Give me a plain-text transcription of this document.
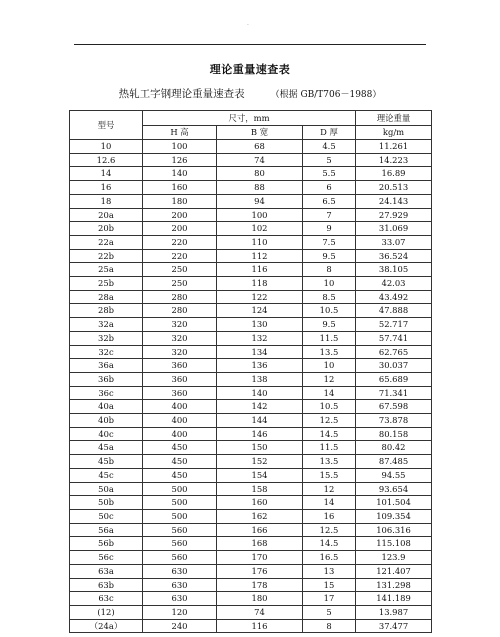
·
理论重量速查表
热轧工字钢理论重量速查表	（根据 GB/T706－1988）
型号	尺寸，mm			理论重量
	H 高	B 宽	D 厚	kg/m
10	100	68	4.5	11.261
12.6	126	74	5	14.223
14	140	80	5.5	16.89
16	160	88	6	20.513
18	180	94	6.5	24.143
20a	200	100	7	27.929
20b	200	102	9	31.069
22a	220	110	7.5	33.07
22b	220	112	9.5	36.524
25a	250	116	8	38.105
25b	250	118	10	42.03
28a	280	122	8.5	43.492
28b	280	124	10.5	47.888
32a	320	130	9.5	52.717
32b	320	132	11.5	57.741
32c	320	134	13.5	62.765
36a	360	136	10	30.037
36b	360	138	12	65.689
36c	360	140	14	71.341
40a	400	142	10.5	67.598
40b	400	144	12.5	73.878
40c	400	146	14.5	80.158
45a	450	150	11.5	80.42
45b	450	152	13.5	87.485
45c	450	154	15.5	94.55
50a	500	158	12	93.654
50b	500	160	14	101.504
50c	500	162	16	109.354
56a	560	166	12.5	106.316
56b	560	168	14.5	115.108
56c	560	170	16.5	123.9
63a	630	176	13	121.407
63b	630	178	15	131.298
63c	630	180	17	141.189
(12)	120	74	5	13.987
（24a）	240	116	8	37.477
